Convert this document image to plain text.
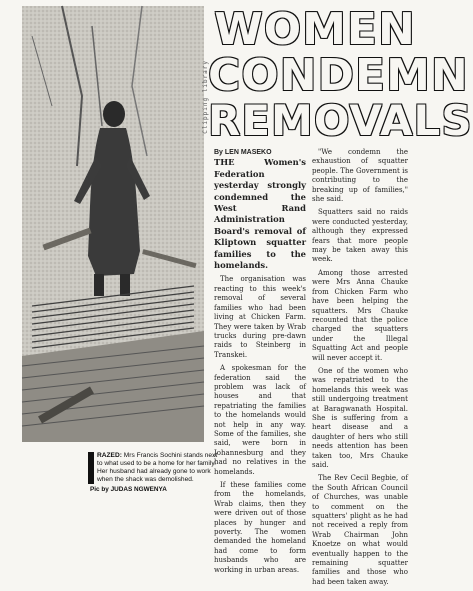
Clipping library
WOMEN
CONDEMN
REMOVALS

By LEN MASEKO
THE Women's Federation yesterday strongly condemned the West Rand Administration Board's removal of Kliptown squatter families to the homelands.

The organisation was reacting to this week's removal of several families who had been living at Chicken Farm. They were taken by Wrab trucks during pre-dawn raids to Steinberg in Transkei.

A spokesman for the federation said the problem was lack of houses and that repatriating the families to the homelands would not help in any way. Some of the families, she said, were born in Johannesburg and they had no relatives in the homelands.

If these families come from the homelands, Wrab claims, then they were driven out of those places by hunger and poverty. The women demanded the homeland had come to form husbands who are working in urban areas.

"We condemn the exhaustion of squatter people. The Government is contributing to the breaking up of families," she said.

Squatters said no raids were conducted yesterday, although they expressed fears that more people may be taken away this week.

Among those arrested were Mrs Anna Chauke from Chicken Farm who have been helping the squatters. Mrs Chauke recounted that the police charged the squatters under the Illegal Squatting Act and people will never accept it.

One of the women who was repatriated to the homelands this week was still undergoing treatment at Baragwanath Hospital. She is suffering from a heart disease and a daughter of hers who still needs attention has been taken too, Mrs Chauke said.

The Rev Cecil Begbie, of the South African Council of Churches, was unable to comment on the squatters' plight as he had not received a reply from Wrab Chairman John Knoetze on what would eventually happen to the remaining squatter families and those who had been taken away.

RAZED: Mrs Francis Sochini stands next to what used to be a home for her family. Her husband had already gone to work when the shack was demolished.
Pic by JUDAS NGWENYA
